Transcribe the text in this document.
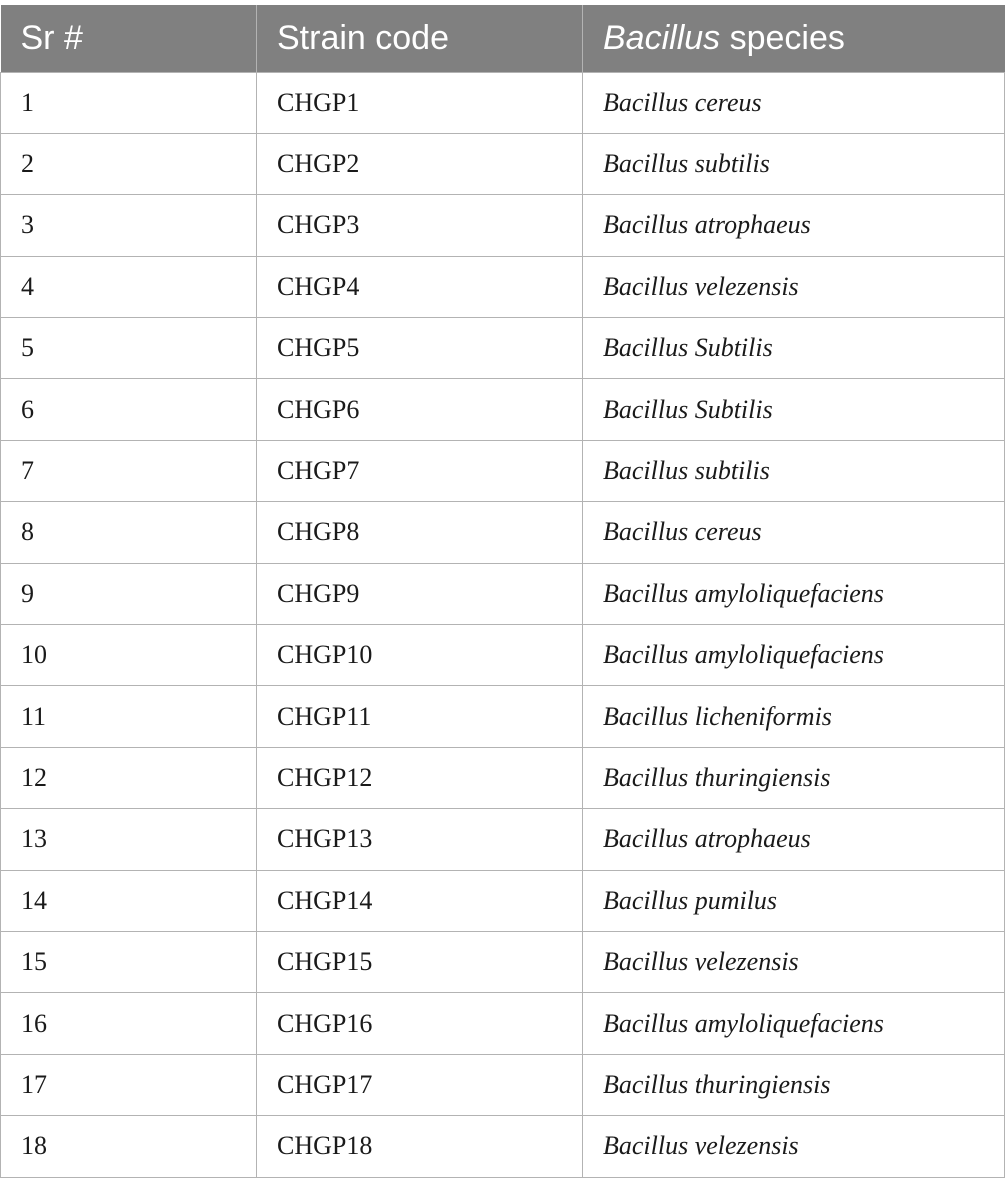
Sr #	Strain code	Bacillus species
1	CHGP1	Bacillus cereus
2	CHGP2	Bacillus subtilis
3	CHGP3	Bacillus atrophaeus
4	CHGP4	Bacillus velezensis
5	CHGP5	Bacillus Subtilis
6	CHGP6	Bacillus Subtilis
7	CHGP7	Bacillus subtilis
8	CHGP8	Bacillus cereus
9	CHGP9	Bacillus amyloliquefaciens
10	CHGP10	Bacillus amyloliquefaciens
11	CHGP11	Bacillus licheniformis
12	CHGP12	Bacillus thuringiensis
13	CHGP13	Bacillus atrophaeus
14	CHGP14	Bacillus pumilus
15	CHGP15	Bacillus velezensis
16	CHGP16	Bacillus amyloliquefaciens
17	CHGP17	Bacillus thuringiensis
18	CHGP18	Bacillus velezensis
